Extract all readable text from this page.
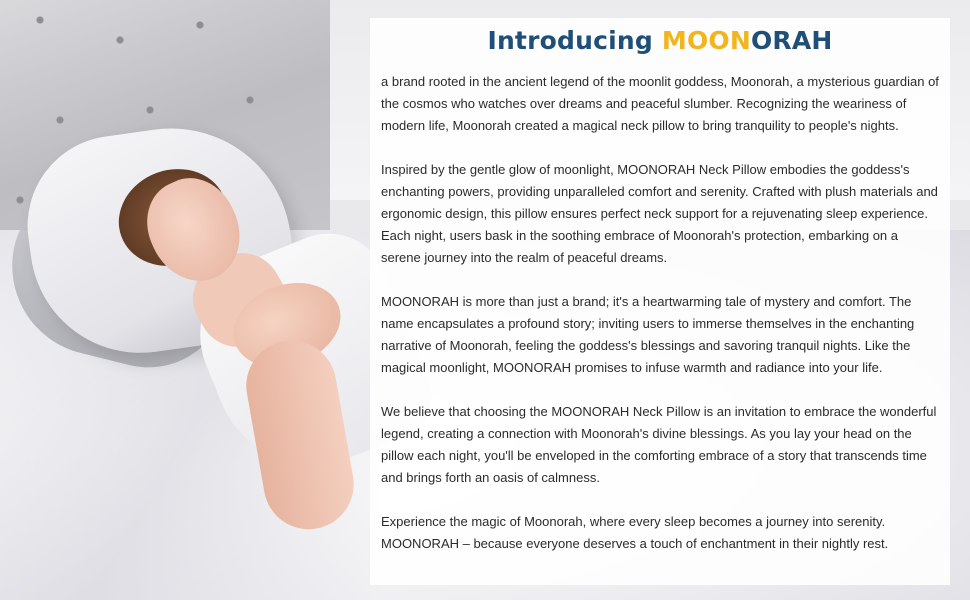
Introducing MOONORAH

a brand rooted in the ancient legend of the moonlit goddess, Moonorah, a mysterious guardian of the cosmos who watches over dreams and peaceful slumber. Recognizing the weariness of modern life, Moonorah created a magical neck pillow to bring tranquility to people's nights.

Inspired by the gentle glow of moonlight, MOONORAH Neck Pillow embodies the goddess's enchanting powers, providing unparalleled comfort and serenity. Crafted with plush materials and ergonomic design, this pillow ensures perfect neck support for a rejuvenating sleep experience. Each night, users bask in the soothing embrace of Moonorah's protection, embarking on a serene journey into the realm of peaceful dreams.

MOONORAH is more than just a brand; it's a heartwarming tale of mystery and comfort. The name encapsulates a profound story; inviting users to immerse themselves in the enchanting narrative of Moonorah, feeling the goddess's blessings and savoring tranquil nights. Like the magical moonlight, MOONORAH promises to infuse warmth and radiance into your life.

We believe that choosing the MOONORAH Neck Pillow is an invitation to embrace the wonderful legend, creating a connection with Moonorah's divine blessings. As you lay your head on the pillow each night, you'll be enveloped in the comforting embrace of a story that transcends time and brings forth an oasis of calmness.

Experience the magic of Moonorah, where every sleep becomes a journey into serenity. MOONORAH – because everyone deserves a touch of enchantment in their nightly rest.
